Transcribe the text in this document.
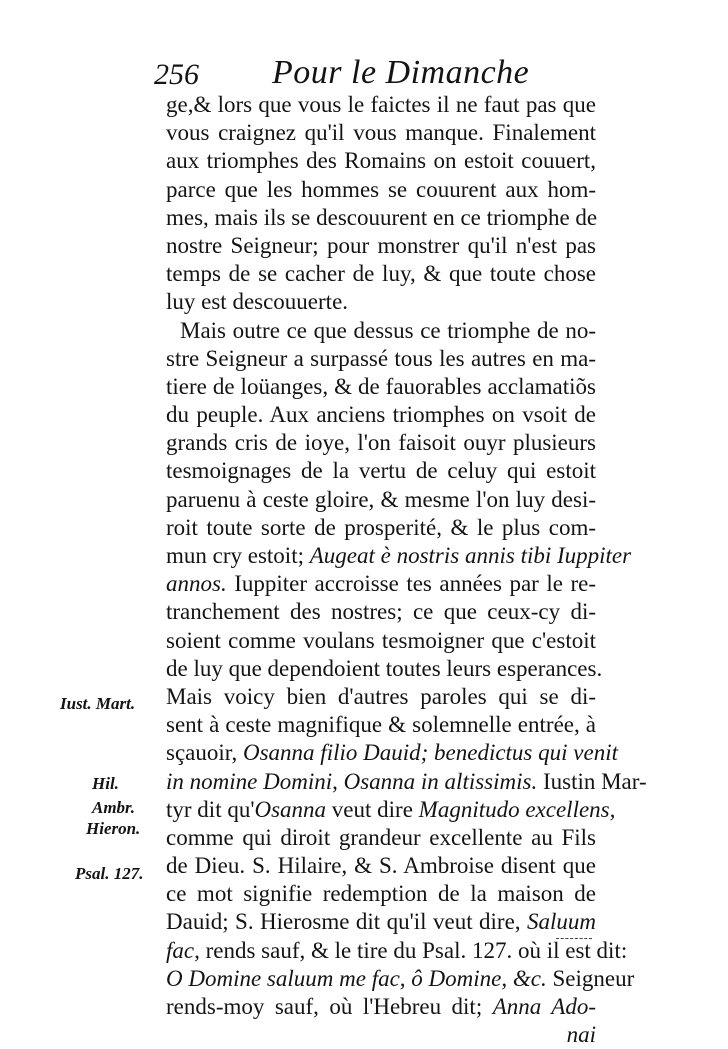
256 Pour le Dimanche
ge,& lors que vous le faictes il ne faut pas que
vous craignez qu'il vous manque. Finalement
aux triomphes des Romains on estoit couuert,
parce que les hommes se couurent aux hom-
mes, mais ils se descouurent en ce triomphe de
nostre Seigneur; pour monstrer qu'il n'est pas
temps de se cacher de luy, & que toute chose
luy est descouuerte.
Mais outre ce que dessus ce triomphe de no-
stre Seigneur a surpassé tous les autres en ma-
tiere de loüanges, & de fauorables acclamatiõs
du peuple. Aux anciens triomphes on vsoit de
grands cris de ioye, l'on faisoit ouyr plusieurs
tesmoignages de la vertu de celuy qui estoit
paruenu à ceste gloire, & mesme l'on luy desi-
roit toute sorte de prosperité, & le plus com-
mun cry estoit; Augeat è nostris annis tibi Iuppiter
annos. Iuppiter accroisse tes années par le re-
tranchement des nostres; ce que ceux-cy di-
soient comme voulans tesmoigner que c'estoit
de luy que dependoient toutes leurs esperances.
Mais voicy bien d'autres paroles qui se di-
sent à ceste magnifique & solemnelle entrée, à
sçauoir, Osanna filio Dauid; benedictus qui venit
in nomine Domini, Osanna in altissimis. Iustin Mar-
tyr dit qu'Osanna veut dire Magnitudo excellens,
comme qui diroit grandeur excellente au Fils
de Dieu. S. Hilaire, & S. Ambroise disent que
ce mot signifie redemption de la maison de
Dauid; S. Hierosme dit qu'il veut dire, Saluum
fac, rends sauf, & le tire du Psal. 127. où il est dit:
O Domine saluum me fac, ô Domine, &c. Seigneur
rends-moy sauf, où l'Hebreu dit; Anna Ado-
nai
Iust. Mart.
Hil.
Ambr.
Hieron.
Psal. 127.
